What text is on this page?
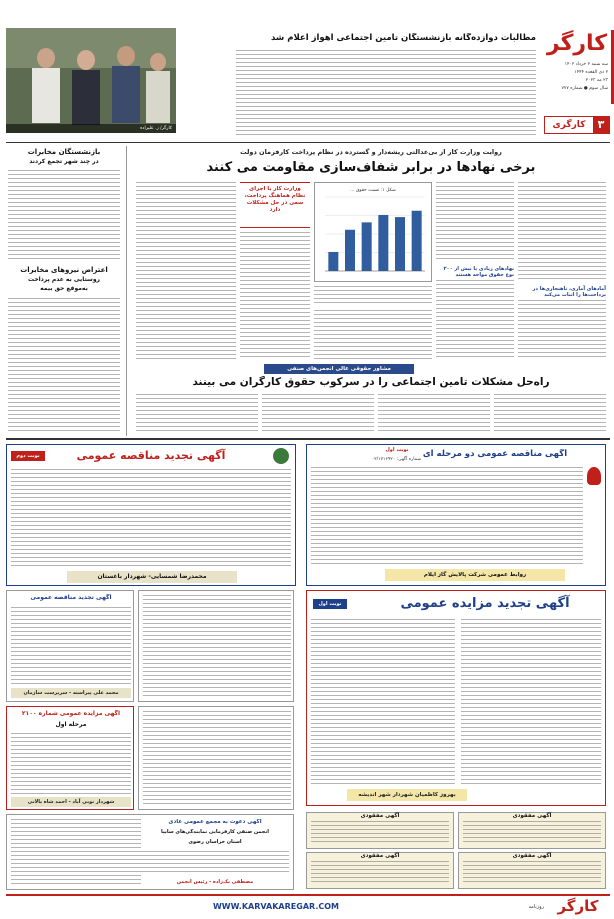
کارگر
سه شنبه ۲ خرداد ۱۴۰۲
۲ ذی القعده ۱۴۴۴
۲۳ مه ۲۰۲۳
سال سوم ● شماره ۷۷۷
۳
کارگری
مطالبات دوازده‌گانه بازنشستگان تامین اجتماعی اهواز اعلام شد
کارگر/ ز. علیزاده
بازنشستگان مخابرات
در چند شهر تجمع کردند
اعتراض نیروهای مخابرات
روستایی به عدم پرداخت
به‌موقع حق بیمه
روایت وزارت کار از بی‌عدالتی ریشه‌دار و گسترده در نظام پرداخت کارفرمان دولت
برخی نهادها در برابر شفاف‌سازی مقاومت می کنند
آمادهای آماری، ناهنجاری‌ها در پرداخت‌ها را اثبات می‌کند
نهادهای زیادی با بیش از ۲۰۰ نوع حقوق مواجه هستند
شکل ۱: نسبت حقوق ...
وزارت کار با اجرای نظام هماهنگ پرداخت، سعی در حل مشکلات دارد
مشاور حقوقی عالی انجمن‌های صنفی
راه‌حل مشکلات تامین اجتماعی را در سرکوب حقوق کارگران می بینند
نوبت دوم	آگهی تجدید مناقصه عمومی
محمدرضا شمسایی- شهردار باغستان
نوبت اول	آگهی مناقصه عمومی دو مرحله ای
شماره آگهی: ۰۲/۱۷۱۶۹۲۰
روابط عمومی شرکت پالایش گاز ایلام
آگهی تجدید مناقصه عمومی
محمد علی پیراسته - سرپرست سازمان
نوبت اول	آگهی تجدید مزایده عمومی
بهروز کاظمیان شهردار شهر اندیشه
آگهی مزایده عمومی شماره ۲۱۰۰
مرحله اول
شهردار نوبی آباد - احمد شاه یالانی
آگهی دعوت به مجمع عمومی عادی
انجمن صنفی کارفرمایی نمایندگی‌های سایپا
استان خراسان رضوی
مصطفی یک‌زاده - رئیس انجمن
آگهی مفقودی
آگهی مفقودی
آگهی مفقودی
آگهی مفقودی
WWW.KARVAKAREGAR.COM	روزنامه کارگر
